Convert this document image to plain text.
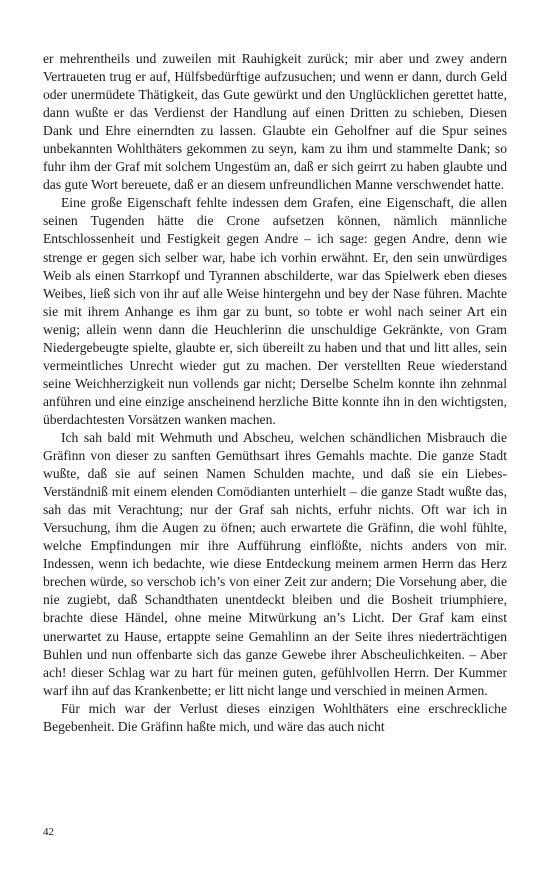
er mehrentheils und zuweilen mit Rauhigkeit zurück; mir aber und zwey andern Vertraueten trug er auf, Hülfsbedürftige aufzusuchen; und wenn er dann, durch Geld oder unermüdete Thätigkeit, das Gute gewürkt und den Unglücklichen gerettet hatte, dann wußte er das Verdienst der Handlung auf einen Dritten zu schieben, Diesen Dank und Ehre einerndten zu lassen. Glaubte ein Geholfner auf die Spur seines unbekannten Wohlthäters gekommen zu seyn, kam zu ihm und stammelte Dank; so fuhr ihm der Graf mit solchem Ungestüm an, daß er sich geirrt zu haben glaubte und das gute Wort bereuete, daß er an diesem unfreundlichen Manne verschwendet hatte.

Eine große Eigenschaft fehlte indessen dem Grafen, eine Eigenschaft, die allen seinen Tugenden hätte die Crone aufsetzen können, nämlich männliche Entschlossenheit und Festigkeit gegen Andre – ich sage: gegen Andre, denn wie strenge er gegen sich selber war, habe ich vorhin erwähnt. Er, den sein unwürdiges Weib als einen Starrkopf und Tyrannen abschilderte, war das Spielwerk eben dieses Weibes, ließ sich von ihr auf alle Weise hintergehn und bey der Nase führen. Machte sie mit ihrem Anhange es ihm gar zu bunt, so tobte er wohl nach seiner Art ein wenig; allein wenn dann die Heuchlerinn die unschuldige Gekränkte, von Gram Niedergebeugte spielte, glaubte er, sich übereilt zu haben und that und litt alles, sein vermeintliches Unrecht wieder gut zu machen. Der verstellten Reue wiederstand seine Weichherzigkeit nun vollends gar nicht; Derselbe Schelm konnte ihn zehnmal anführen und eine einzige anscheinend herzliche Bitte konnte ihn in den wichtigsten, überdachtesten Vorsätzen wanken machen.

Ich sah bald mit Wehmuth und Abscheu, welchen schändlichen Misbrauch die Gräfinn von dieser zu sanften Gemüthsart ihres Gemahls machte. Die ganze Stadt wußte, daß sie auf seinen Namen Schulden machte, und daß sie ein Liebes-Verständniß mit einem elenden Comödianten unterhielt – die ganze Stadt wußte das, sah das mit Verachtung; nur der Graf sah nichts, erfuhr nichts. Oft war ich in Versuchung, ihm die Augen zu öfnen; auch erwartete die Gräfinn, die wohl fühlte, welche Empfindungen mir ihre Aufführung einflößte, nichts anders von mir. Indessen, wenn ich bedachte, wie diese Entdeckung meinem armen Herrn das Herz brechen würde, so verschob ich’s von einer Zeit zur andern; Die Vorsehung aber, die nie zugiebt, daß Schandthaten unentdeckt bleiben und die Bosheit triumphiere, brachte diese Händel, ohne meine Mitwürkung an’s Licht. Der Graf kam einst unerwartet zu Hause, ertappte seine Gemahlinn an der Seite ihres niederträchtigen Buhlen und nun offenbarte sich das ganze Gewebe ihrer Abscheulichkeiten. – Aber ach! dieser Schlag war zu hart für meinen guten, gefühlvollen Herrn. Der Kummer warf ihn auf das Krankenbette; er litt nicht lange und verschied in meinen Armen.

Für mich war der Verlust dieses einzigen Wohlthäters eine erschreckliche Begebenheit. Die Gräfinn haßte mich, und wäre das auch nicht

42
